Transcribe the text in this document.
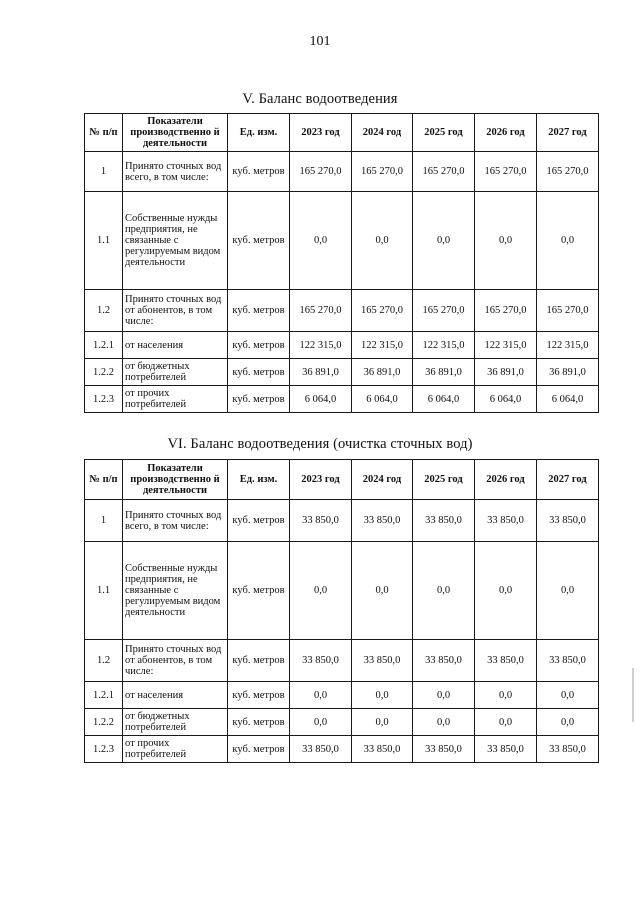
101
V. Баланс водоотведения
№ п/п	Показатели производственно й деятельности	Ед. изм.	2023 год	2024 год	2025 год	2026 год	2027 год
1	Принято сточных вод всего, в том числе:	куб. метров	165 270,0	165 270,0	165 270,0	165 270,0	165 270,0
1.1	Собственные нужды предприятия, не связанные с регулируемым видом деятельности	куб. метров	0,0	0,0	0,0	0,0	0,0
1.2	Принято сточных вод от абонентов, в том числе:	куб. метров	165 270,0	165 270,0	165 270,0	165 270,0	165 270,0
1.2.1	от населения	куб. метров	122 315,0	122 315,0	122 315,0	122 315,0	122 315,0
1.2.2	от бюджетных потребителей	куб. метров	36 891,0	36 891,0	36 891,0	36 891,0	36 891,0
1.2.3	от прочих потребителей	куб. метров	6 064,0	6 064,0	6 064,0	6 064,0	6 064,0
VI. Баланс водоотведения (очистка сточных вод)
№ п/п	Показатели производственно й деятельности	Ед. изм.	2023 год	2024 год	2025 год	2026 год	2027 год
1	Принято сточных вод всего, в том числе:	куб. метров	33 850,0	33 850,0	33 850,0	33 850,0	33 850,0
1.1	Собственные нужды предприятия, не связанные с регулируемым видом деятельности	куб. метров	0,0	0,0	0,0	0,0	0,0
1.2	Принято сточных вод от абонентов, в том числе:	куб. метров	33 850,0	33 850,0	33 850,0	33 850,0	33 850,0
1.2.1	от населения	куб. метров	0,0	0,0	0,0	0,0	0,0
1.2.2	от бюджетных потребителей	куб. метров	0,0	0,0	0,0	0,0	0,0
1.2.3	от прочих потребителей	куб. метров	33 850,0	33 850,0	33 850,0	33 850,0	33 850,0
